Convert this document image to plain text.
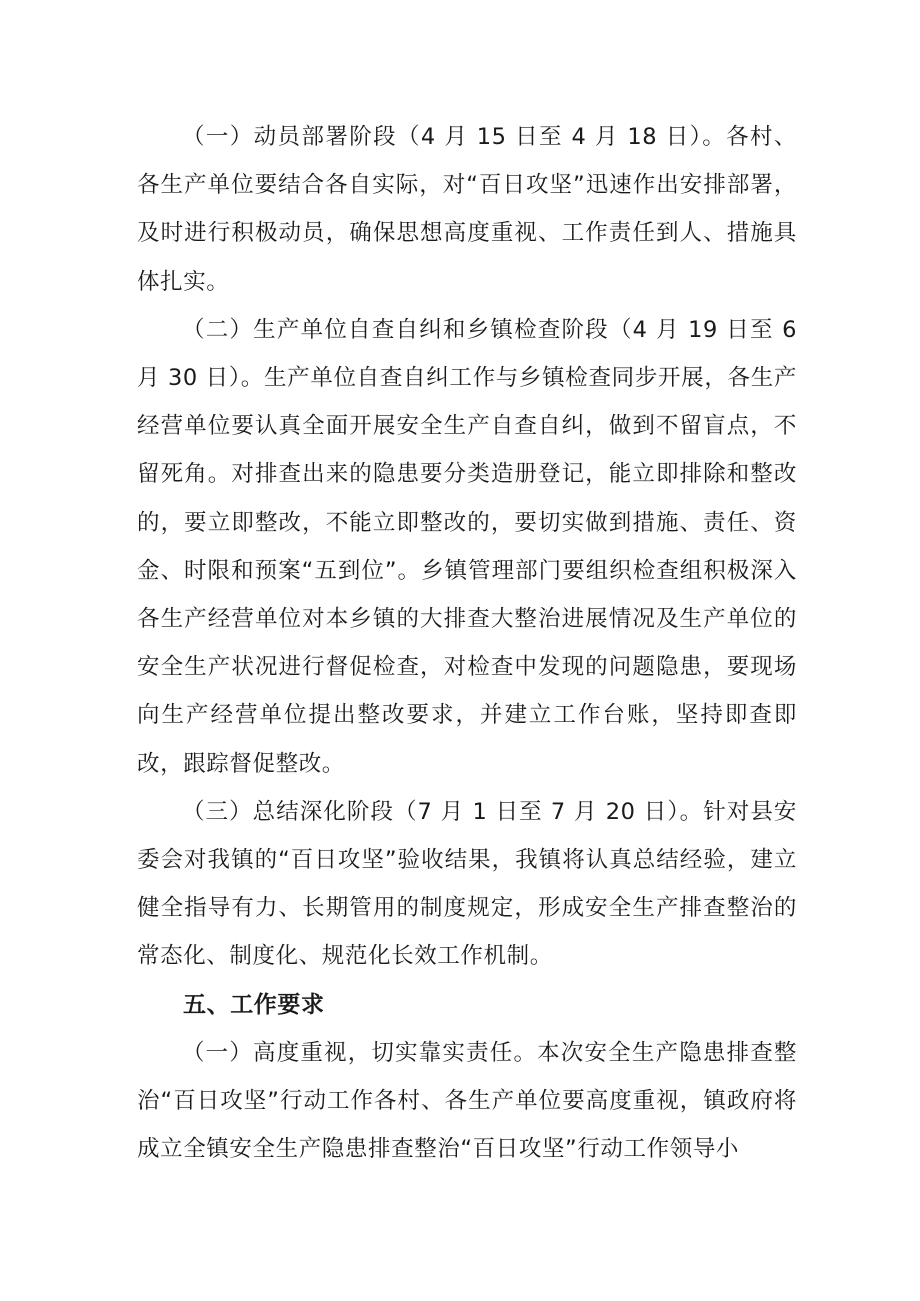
（一）动员部署阶段（4 月 15 日至 4 月 18 日）。各村、各生产单位要结合各自实际，对“百日攻坚”迅速作出安排部署，及时进行积极动员，确保思想高度重视、工作责任到人、措施具体扎实。

（二）生产单位自查自纠和乡镇检查阶段（4 月 19 日至 6 月 30 日）。生产单位自查自纠工作与乡镇检查同步开展，各生产经营单位要认真全面开展安全生产自查自纠，做到不留盲点，不留死角。对排查出来的隐患要分类造册登记，能立即排除和整改的，要立即整改，不能立即整改的，要切实做到措施、责任、资金、时限和预案“五到位”。乡镇管理部门要组织检查组积极深入各生产经营单位对本乡镇的大排查大整治进展情况及生产单位的安全生产状况进行督促检查，对检查中发现的问题隐患，要现场向生产经营单位提出整改要求，并建立工作台账，坚持即查即改，跟踪督促整改。

（三）总结深化阶段（7 月 1 日至 7 月 20 日）。针对县安委会对我镇的“百日攻坚”验收结果，我镇将认真总结经验，建立健全指导有力、长期管用的制度规定，形成安全生产排查整治的常态化、制度化、规范化长效工作机制。

五、工作要求

（一）高度重视，切实靠实责任。本次安全生产隐患排查整治“百日攻坚”行动工作各村、各生产单位要高度重视，镇政府将成立全镇安全生产隐患排查整治“百日攻坚”行动工作领导小
